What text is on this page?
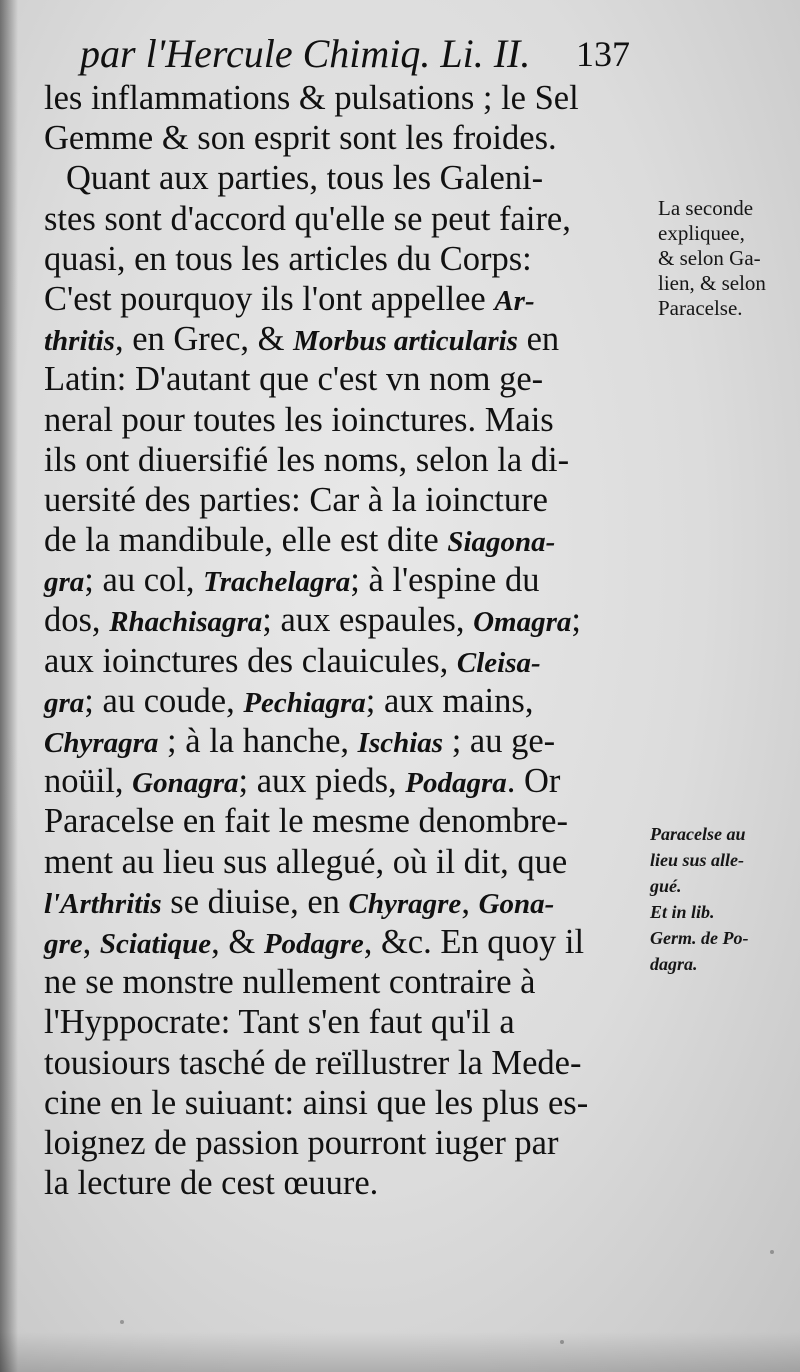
par l'Hercule Chimiq. Li. II. 137
les inflammations & pulsations ; le Sel
Gemme & son esprit sont les froides.
Quant aux parties, tous les Galeni-
stes sont d'accord qu'elle se peut faire,
quasi, en tous les articles du Corps:
C'est pourquoy ils l'ont appellee Ar-
thritis, en Grec, & Morbus articularis en
Latin: D'autant que c'est vn nom ge-
neral pour toutes les ioinctures. Mais
ils ont diuersifié les noms, selon la di-
uersité des parties: Car à la ioincture
de la mandibule, elle est dite Siagona-
gra; au col, Trachelagra; à l'espine du
dos, Rhachisagra; aux espaules, Omagra;
aux ioinctures des clauicules, Cleisa-
gra; au coude, Pechiagra; aux mains,
Chyragra ; à la hanche, Ischias ; au ge-
noüil, Gonagra; aux pieds, Podagra. Or
Paracelse en fait le mesme denombre-
ment au lieu sus allegué, où il dit, que
l'Arthritis se diuise, en Chyragre, Gona-
gre, Sciatique, & Podagre, &c. En quoy il
ne se monstre nullement contraire à
l'Hyppocrate: Tant s'en faut qu'il a
tousiours tasché de reïllustrer la Mede-
cine en le suiuant: ainsi que les plus es-
loignez de passion pourront iuger par
la lecture de cest œuure.
La seconde
expliquee,
& selon Ga-
lien, & selon
Paracelse.
Paracelse au
lieu sus alle-
gué.
Et in lib.
Germ. de Po-
dagra.
